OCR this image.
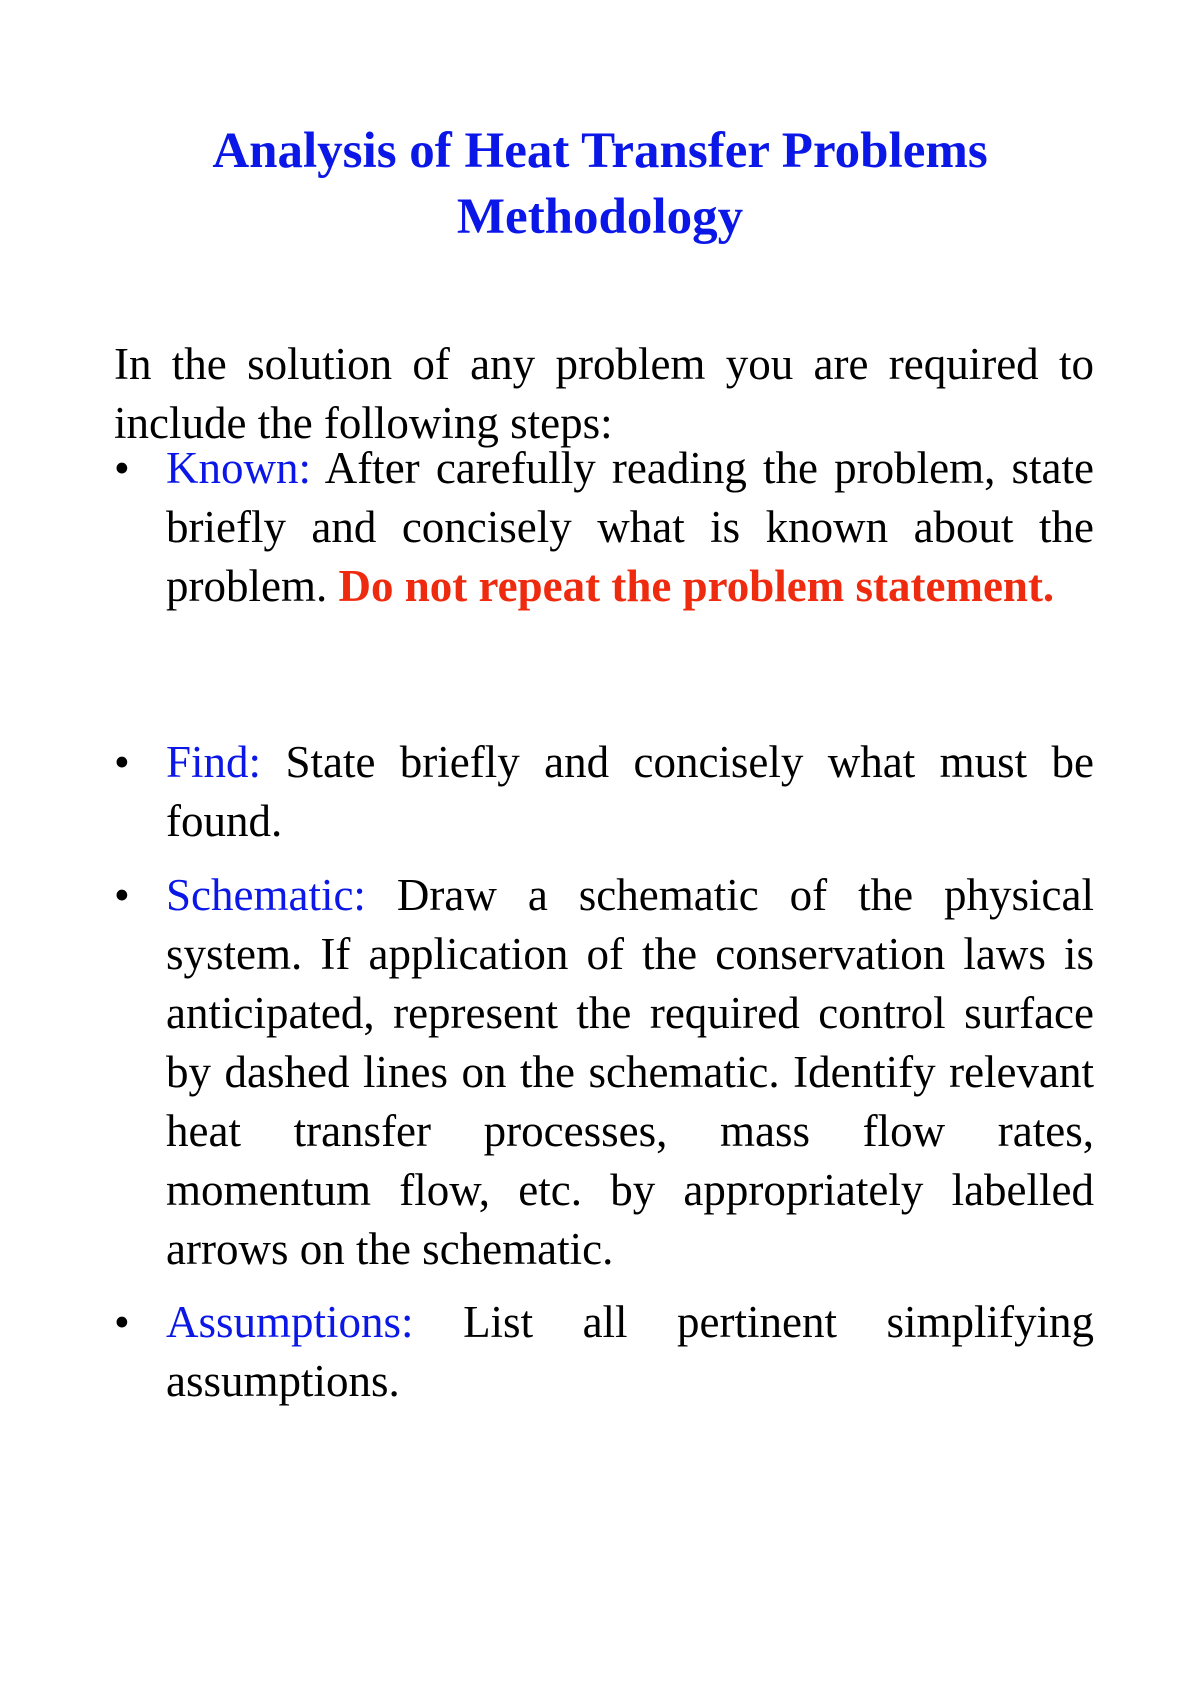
Analysis of Heat Transfer Problems
Methodology

In the solution of any problem you are required to include the following steps:

• Known: After carefully reading the problem, state briefly and concisely what is known about the problem. Do not repeat the problem statement.
• Find: State briefly and concisely what must be found.
• Schematic: Draw a schematic of the physical system. If application of the conservation laws is anticipated, represent the required control surface by dashed lines on the schematic. Identify relevant heat transfer processes, mass flow rates, momentum flow, etc. by appropriately labelled arrows on the schematic.
• Assumptions: List all pertinent simplifying assumptions.
